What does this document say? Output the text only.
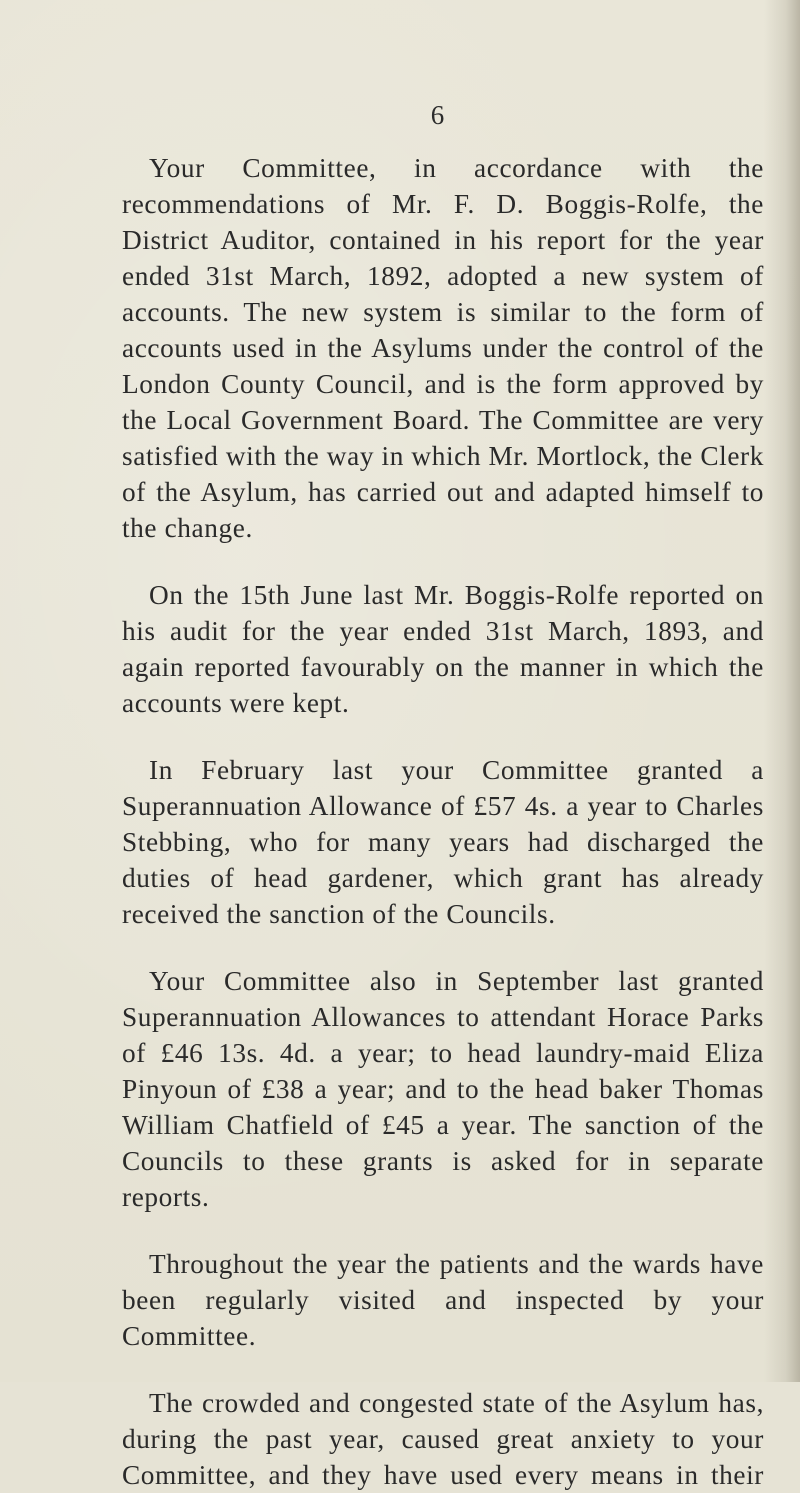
6

Your Committee, in accordance with the recommendations of Mr. F. D. Boggis-Rolfe, the District Auditor, contained in his report for the year ended 31st March, 1892, adopted a new system of accounts. The new system is similar to the form of accounts used in the Asylums under the control of the London County Council, and is the form approved by the Local Government Board. The Committee are very satisfied with the way in which Mr. Mortlock, the Clerk of the Asylum, has carried out and adapted himself to the change.

On the 15th June last Mr. Boggis-Rolfe reported on his audit for the year ended 31st March, 1893, and again reported favourably on the manner in which the accounts were kept.

In February last your Committee granted a Superannuation Allowance of £57 4s. a year to Charles Stebbing, who for many years had discharged the duties of head gardener, which grant has already received the sanction of the Councils.

Your Committee also in September last granted Superannuation Allowances to attendant Horace Parks of £46 13s. 4d. a year; to head laundry-maid Eliza Pinyoun of £38 a year; and to the head baker Thomas William Chatfield of £45 a year. The sanction of the Councils to these grants is asked for in separate reports.

Throughout the year the patients and the wards have been regularly visited and inspected by your Committee.

The crowded and congested state of the Asylum has, during the past year, caused great anxiety to your Committee, and they have used every means in their
